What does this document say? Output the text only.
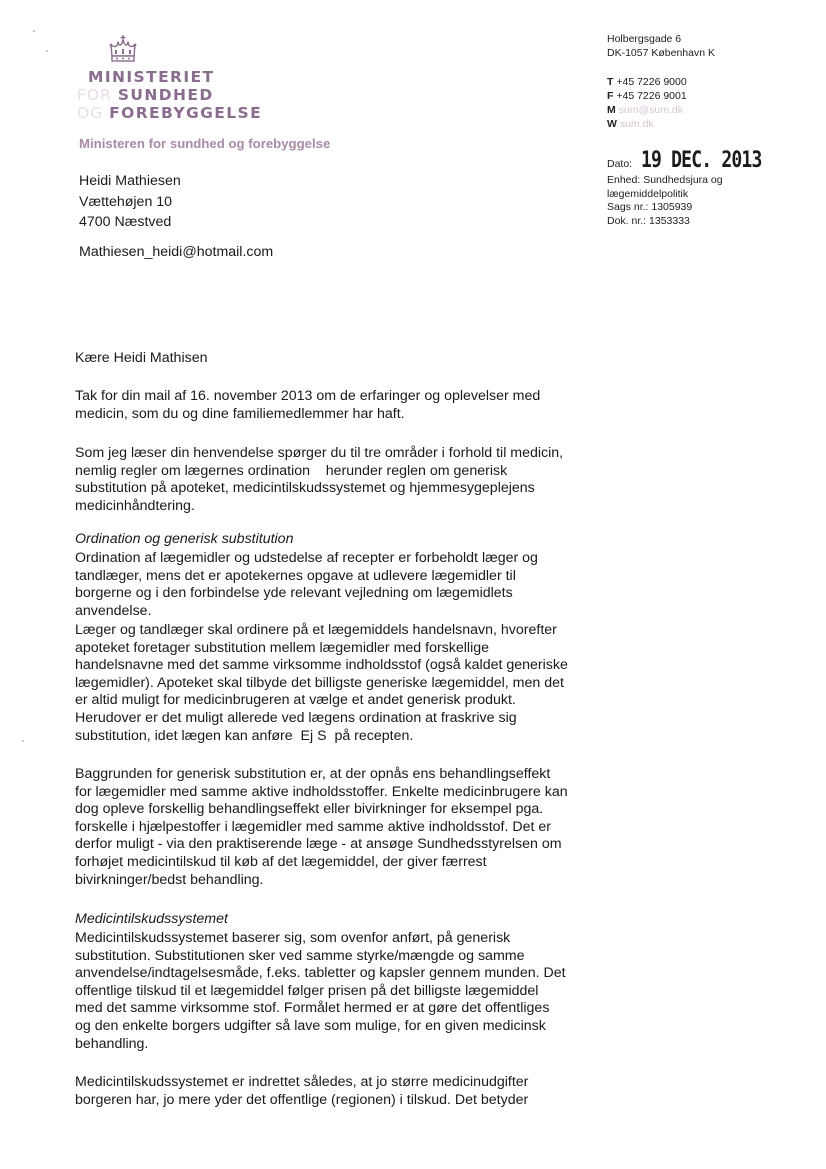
MINISTERIET
FOR SUNDHED
OG FOREBYGGELSE
Ministeren for sundhed og forebyggelse
Holbergsgade 6
DK-1057 København K
T +45 7226 9000
F +45 7226 9001
M sum@sum.dk
W sum.dk
Dato: 19 DEC. 2013
Enhed: Sundhedsjura og
lægemiddelpolitik
Sags nr.: 1305939
Dok. nr.: 1353333
Heidi Mathiesen
Vættehøjen 10
4700 Næstved
Mathiesen_heidi@hotmail.com
Kære Heidi Mathisen
Tak for din mail af 16. november 2013 om de erfaringer og oplevelser med
medicin, som du og dine familiemedlemmer har haft.
Som jeg læser din henvendelse spørger du til tre områder i forhold til medicin,
nemlig regler om lægernes ordination    herunder reglen om generisk
substitution på apoteket, medicintilskudssystemet og hjemmesygeplejens
medicinhåndtering.
Ordination og generisk substitution
Ordination af lægemidler og udstedelse af recepter er forbeholdt læger og
tandlæger, mens det er apotekernes opgave at udlevere lægemidler til
borgerne og i den forbindelse yde relevant vejledning om lægemidlets
anvendelse.
Læger og tandlæger skal ordinere på et lægemiddels handelsnavn, hvorefter
apoteket foretager substitution mellem lægemidler med forskellige
handelsnavne med det samme virksomme indholdsstof (også kaldet generiske
lægemidler). Apoteket skal tilbyde det billigste generiske lægemiddel, men det
er altid muligt for medicinbrugeren at vælge et andet generisk produkt.
Herudover er det muligt allerede ved lægens ordination at fraskrive sig
substitution, idet lægen kan anføre  Ej S  på recepten.
Baggrunden for generisk substitution er, at der opnås ens behandlingseffekt
for lægemidler med samme aktive indholdsstoffer. Enkelte medicinbrugere kan
dog opleve forskellig behandlingseffekt eller bivirkninger for eksempel pga.
forskelle i hjælpestoffer i lægemidler med samme aktive indholdsstof. Det er
derfor muligt - via den praktiserende læge - at ansøge Sundhedsstyrelsen om
forhøjet medicintilskud til køb af det lægemiddel, der giver færrest
bivirkninger/bedst behandling.
Medicintilskudssystemet
Medicintilskudssystemet baserer sig, som ovenfor anført, på generisk
substitution. Substitutionen sker ved samme styrke/mængde og samme
anvendelse/indtagelsesmåde, f.eks. tabletter og kapsler gennem munden. Det
offentlige tilskud til et lægemiddel følger prisen på det billigste lægemiddel
med det samme virksomme stof. Formålet hermed er at gøre det offentliges
og den enkelte borgers udgifter så lave som mulige, for en given medicinsk
behandling.
Medicintilskudssystemet er indrettet således, at jo større medicinudgifter
borgeren har, jo mere yder det offentlige (regionen) i tilskud. Det betyder
